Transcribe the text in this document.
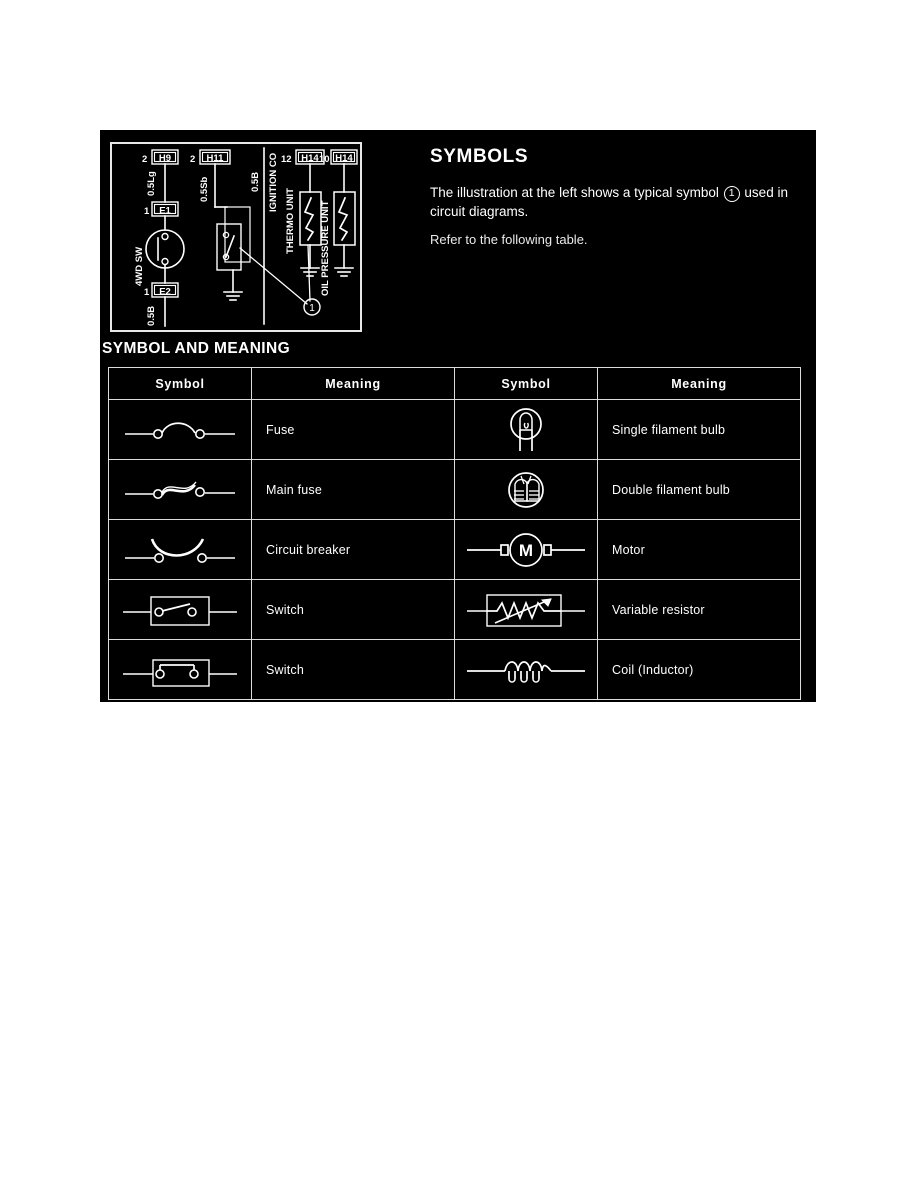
2	2	12	10
H9	H11	H14 H14
1 E1
1 E2
0.5Lg	0.5Sb	0.5B
0.5B
4WD SW
IGNITION CO
THERMO UNIT	OIL PRESSURE UNIT
1
SYMBOLS
The illustration at the left shows a typical symbol 1 used in circuit diagrams.
Refer to the following table.
SYMBOL AND MEANING
Symbol	Meaning	Symbol	Meaning
	Fuse		Single filament bulb
	Main fuse		Double filament bulb
	Circuit breaker	M	Motor
	Switch		Variable resistor
	Switch		Coil (Inductor)
